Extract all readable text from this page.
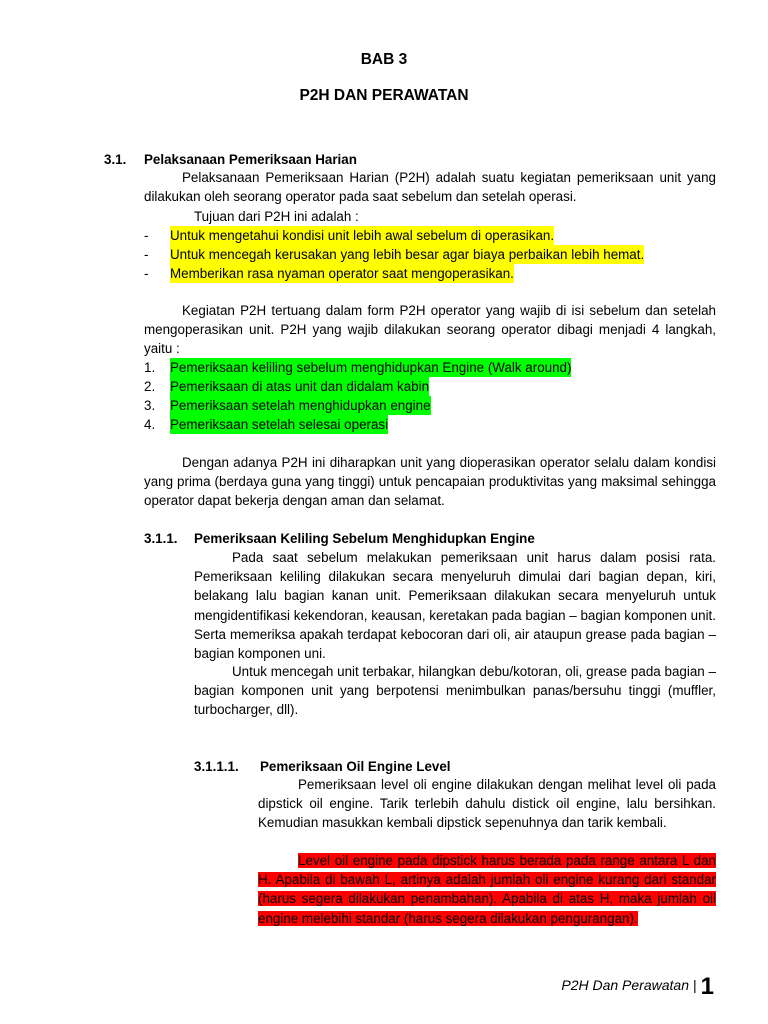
BAB 3
P2H DAN PERAWATAN
3.1. Pelaksanaan Pemeriksaan Harian
Pelaksanaan Pemeriksaan Harian (P2H) adalah suatu kegiatan pemeriksaan unit yang dilakukan oleh seorang operator pada saat sebelum dan setelah operasi.
Tujuan dari P2H ini adalah :
- Untuk mengetahui kondisi unit lebih awal sebelum di operasikan.
- Untuk mencegah kerusakan yang lebih besar agar biaya perbaikan lebih hemat.
- Memberikan rasa nyaman operator saat mengoperasikan.
Kegiatan P2H tertuang dalam form P2H operator yang wajib di isi sebelum dan setelah mengoperasikan unit. P2H yang wajib dilakukan seorang operator dibagi menjadi 4 langkah, yaitu :
1. Pemeriksaan keliling sebelum menghidupkan Engine (Walk around)
2. Pemeriksaan di atas unit dan didalam kabin
3. Pemeriksaan setelah menghidupkan engine
4. Pemeriksaan setelah selesai operasi
Dengan adanya P2H ini diharapkan unit yang dioperasikan operator selalu dalam kondisi yang prima (berdaya guna yang tinggi) untuk pencapaian produktivitas yang maksimal sehingga operator dapat bekerja dengan aman dan selamat.
3.1.1. Pemeriksaan Keliling Sebelum Menghidupkan Engine
Pada saat sebelum melakukan pemeriksaan unit harus dalam posisi rata. Pemeriksaan keliling dilakukan secara menyeluruh dimulai dari bagian depan, kiri, belakang lalu bagian kanan unit. Pemeriksaan dilakukan secara menyeluruh untuk mengidentifikasi kekendoran, keausan, keretakan pada bagian – bagian komponen unit. Serta memeriksa apakah terdapat kebocoran dari oli, air ataupun grease pada bagian – bagian komponen uni.
Untuk mencegah unit terbakar, hilangkan debu/kotoran, oli, grease pada bagian – bagian komponen unit yang berpotensi menimbulkan panas/bersuhu tinggi (muffler, turbocharger, dll).
3.1.1.1. Pemeriksaan Oil Engine Level
Pemeriksaan level oli engine dilakukan dengan melihat level oli pada dipstick oil engine. Tarik terlebih dahulu distick oil engine, lalu bersihkan. Kemudian masukkan kembali dipstick sepenuhnya dan tarik kembali.
Level oil engine pada dipstick harus berada pada range antara L dan H. Apabila di bawah L, artinya adalah jumlah oli engine kurang dari standar (harus segera dilakukan penambahan). Apabila di atas H, maka jumlah oil engine melebihi standar (harus segera dilakukan pengurangan).
P2H Dan Perawatan | 1
